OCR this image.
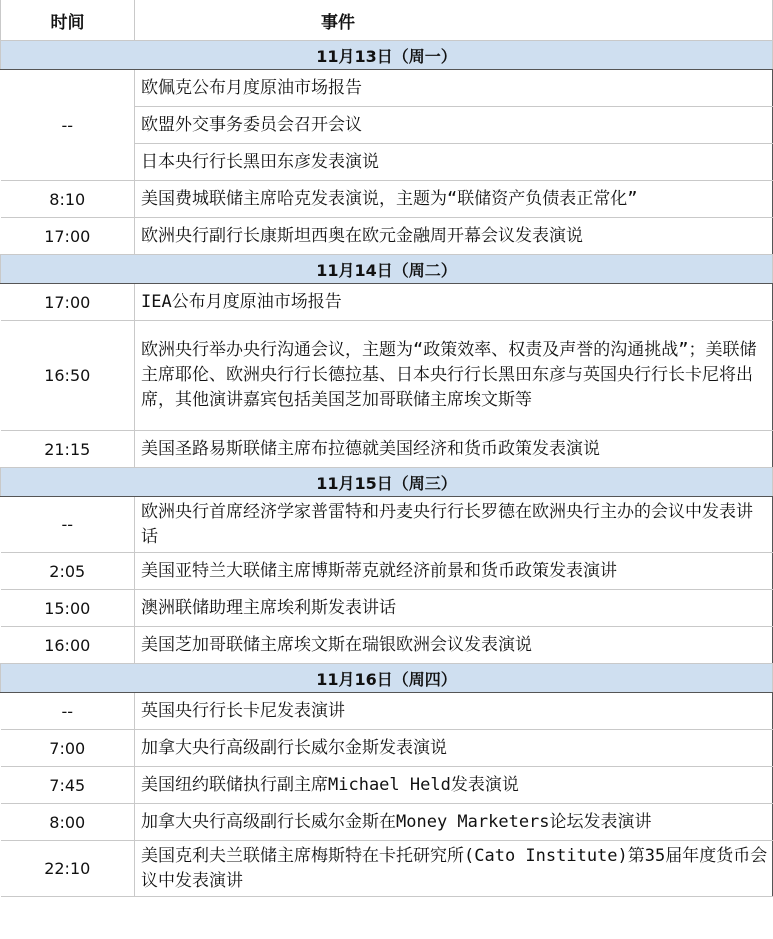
时间	事件
11月13日（周一）	
--	欧佩克公布月度原油市场报告
	欧盟外交事务委员会召开会议
	日本央行行长黑田东彦发表演说
8:10	美国费城联储主席哈克发表演说，主题为“联储资产负债表正常化”
17:00	欧洲央行副行长康斯坦西奥在欧元金融周开幕会议发表演说
11月14日（周二）	
17:00	IEA公布月度原油市场报告
16:50	欧洲央行举办央行沟通会议，主题为“政策效率、权责及声誉的沟通挑战”；美联储主席耶伦、欧洲央行行长德拉基、日本央行行长黑田东彦与英国央行行长卡尼将出席，其他演讲嘉宾包括美国芝加哥联储主席埃文斯等
21:15	美国圣路易斯联储主席布拉德就美国经济和货币政策发表演说
11月15日（周三）	
--	欧洲央行首席经济学家普雷特和丹麦央行行长罗德在欧洲央行主办的会议中发表讲话
2:05	美国亚特兰大联储主席博斯蒂克就经济前景和货币政策发表演讲
15:00	澳洲联储助理主席埃利斯发表讲话
16:00	美国芝加哥联储主席埃文斯在瑞银欧洲会议发表演说
11月16日（周四）	
--	英国央行行长卡尼发表演讲
7:00	加拿大央行高级副行长威尔金斯发表演说
7:45	美国纽约联储执行副主席Michael Held发表演说
8:00	加拿大央行高级副行长威尔金斯在Money Marketers论坛发表演讲
22:10	美国克利夫兰联储主席梅斯特在卡托研究所(Cato Institute)第35届年度货币会议中发表演讲
